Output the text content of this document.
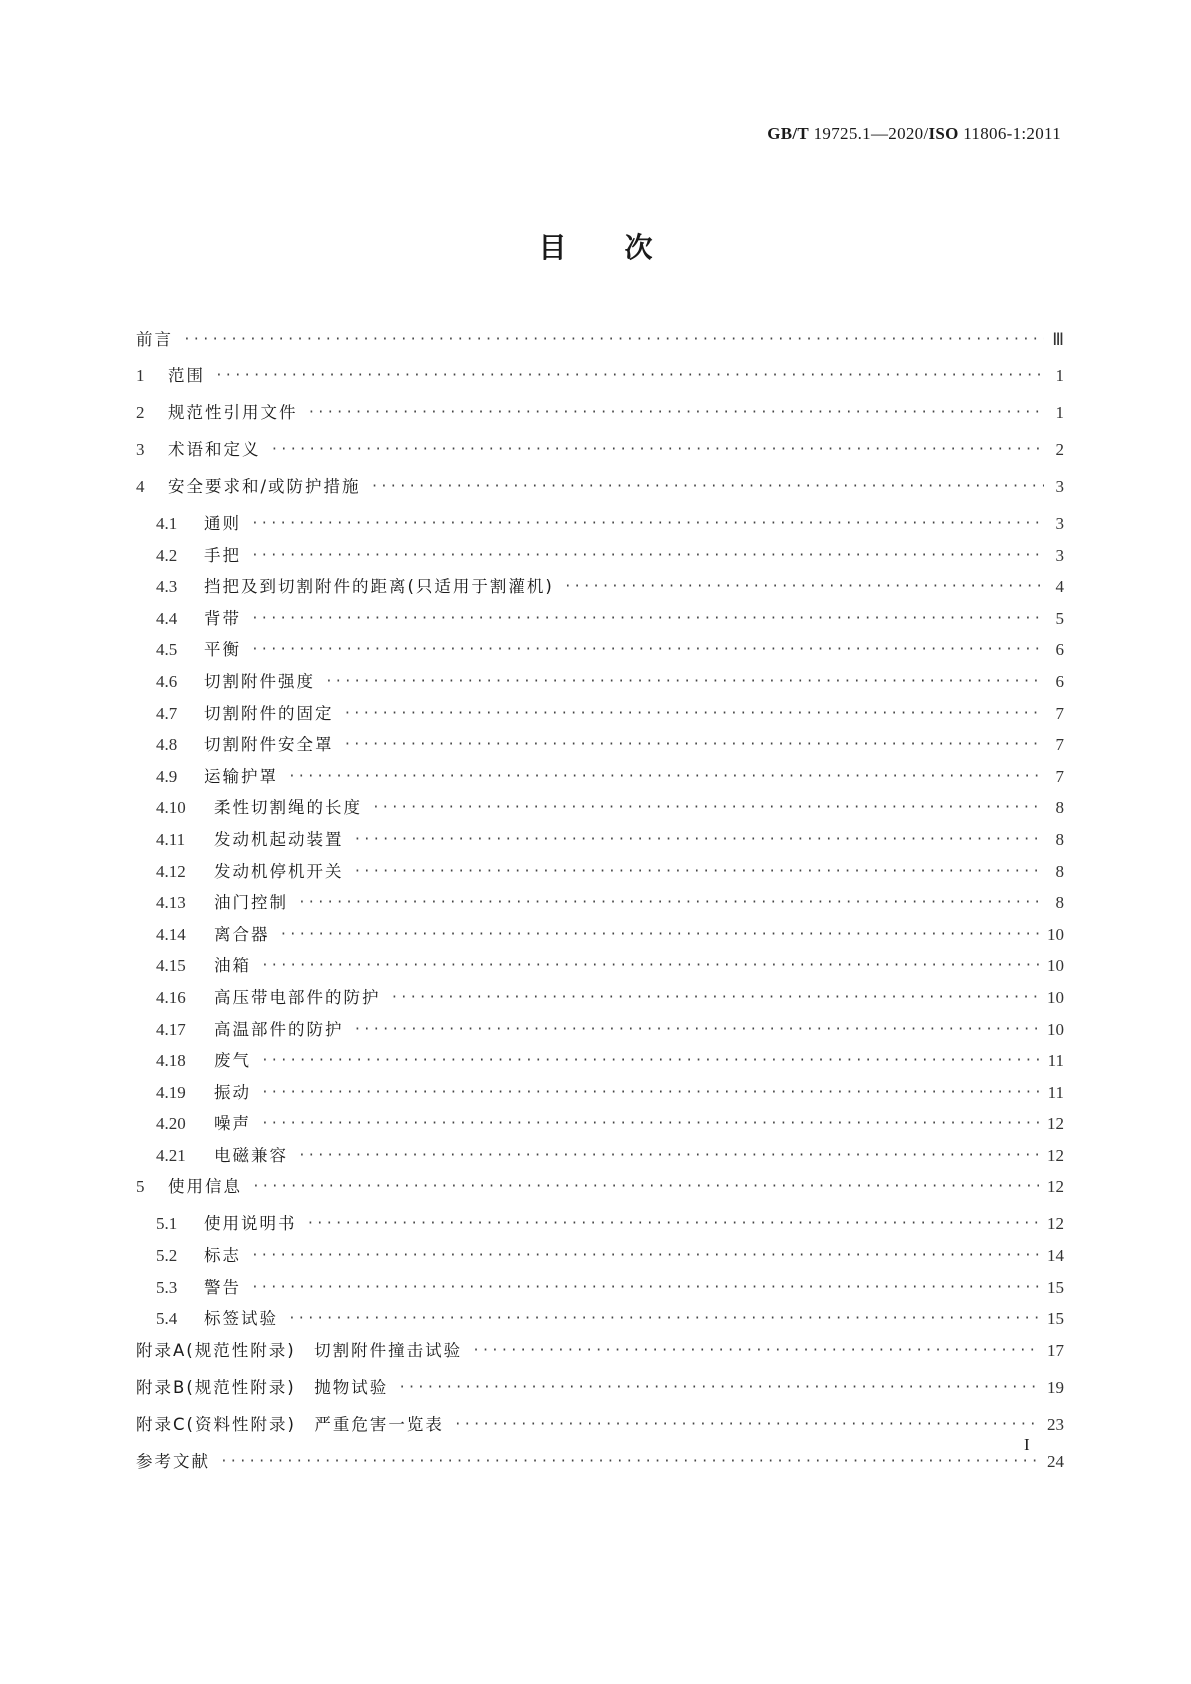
GB/T 19725.1—2020/ISO 11806-1:2011
目次
前言 ·····	Ⅲ
1	范围 ·····	1
2	规范性引用文件 ·····	1
3	术语和定义 ·····	2
4	安全要求和/或防护措施 ·····	3
4.1	通则 ·····	3
4.2	手把 ·····	3
4.3	挡把及到切割附件的距离(只适用于割灌机) ·····	4
4.4	背带 ·····	5
4.5	平衡 ·····	6
4.6	切割附件强度 ·····	6
4.7	切割附件的固定 ·····	7
4.8	切割附件安全罩 ·····	7
4.9	运输护罩 ·····	7
4.10	柔性切割绳的长度 ·····	8
4.11	发动机起动装置 ·····	8
4.12	发动机停机开关 ·····	8
4.13	油门控制 ·····	8
4.14	离合器 ·····	10
4.15	油箱 ·····	10
4.16	高压带电部件的防护 ·····	10
4.17	高温部件的防护 ·····	10
4.18	废气 ·····	11
4.19	振动 ·····	11
4.20	噪声 ·····	12
4.21	电磁兼容 ·····	12
5	使用信息 ·····	12
5.1	使用说明书 ·····	12
5.2	标志 ·····	14
5.3	警告 ·····	15
5.4	标签试验 ·····	15
附录A(规范性附录)　切割附件撞击试验 ·····	17
附录B(规范性附录)　抛物试验 ·····	19
附录C(资料性附录)　严重危害一览表 ·····	23
参考文献 ·····	24
I
